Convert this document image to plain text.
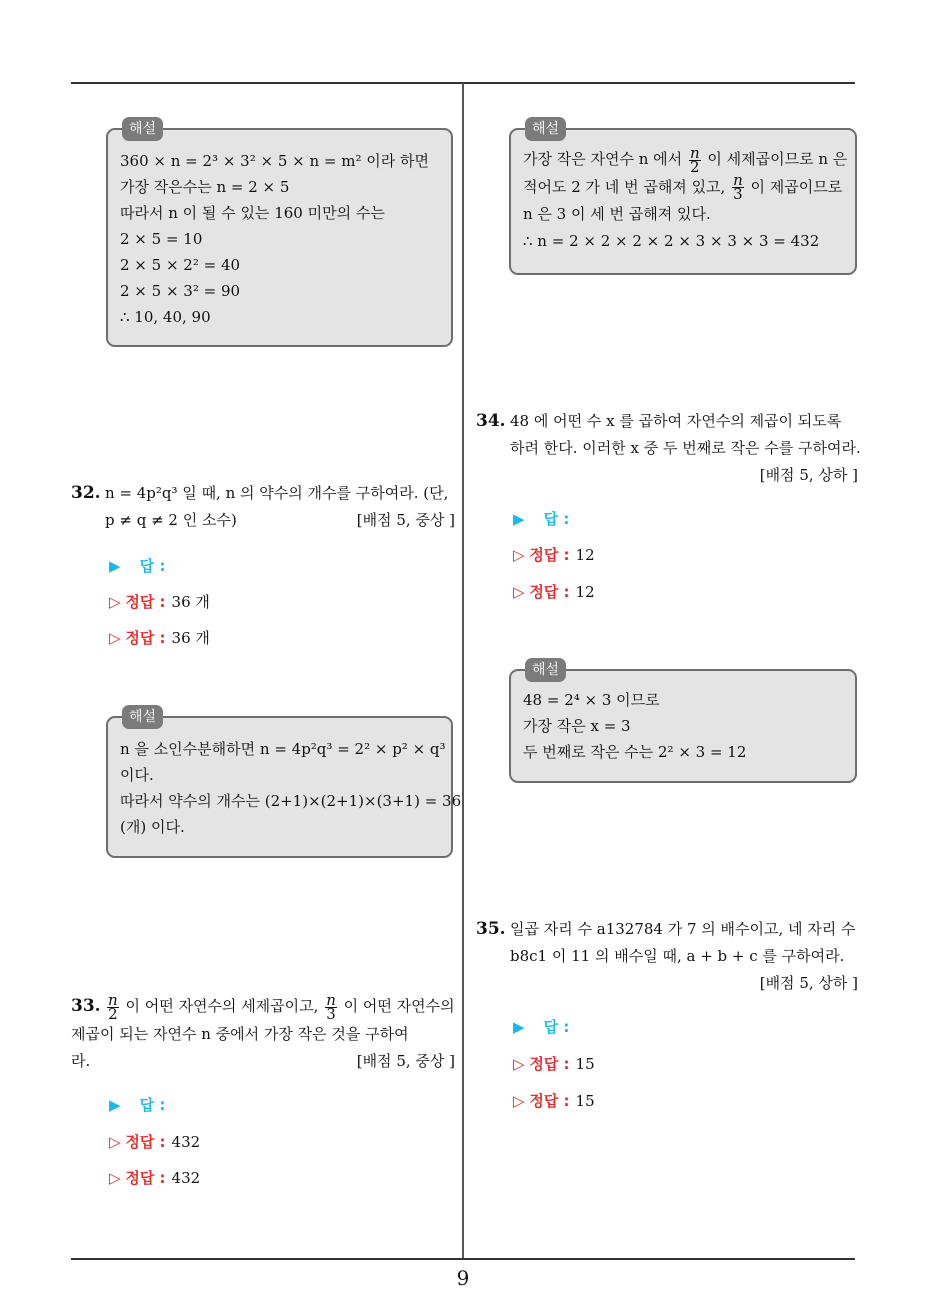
해설
360 × n = 2³ × 3² × 5 × n = m² 이라 하면
가장 작은수는 n = 2 × 5
따라서 n 이 될 수 있는 160 미만의 수는
2 × 5 = 10
2 × 5 × 2² = 40
2 × 5 × 3² = 90
∴ 10, 40, 90
32. n = 4p²q³ 일 때, n 의 약수의 개수를 구하여라. (단,
p ≠ q ≠ 2 인 소수)	[배점 5, 중상 ]
▶ 답 :
▷ 정답 : 36 개
▷ 정답 : 36 개
해설
n 을 소인수분해하면 n = 4p²q³ = 2² × p² × q³
이다.
따라서 약수의 개수는 (2+1)×(2+1)×(3+1) = 36
(개) 이다.
33. $\frac{n}{2}$ 이 어떤 자연수의 세제곱이고, $\frac{n}{3}$ 이 어떤 자연수의
제곱이 되는 자연수 n 중에서 가장 작은 것을 구하여
라.	[배점 5, 중상 ]
▶ 답 :
▷ 정답 : 432
▷ 정답 : 432
해설
가장 작은 자연수 n 에서 $\frac{n}{2}$ 이 세제곱이므로 n 은
적어도 2 가 네 번 곱해져 있고, $\frac{n}{3}$ 이 제곱이므로
n 은 3 이 세 번 곱해져 있다.
∴ n = 2 × 2 × 2 × 2 × 3 × 3 × 3 = 432
34. 48 에 어떤 수 x 를 곱하여 자연수의 제곱이 되도록
하려 한다. 이러한 x 중 두 번째로 작은 수를 구하여라.
[배점 5, 상하 ]
▶ 답 :
▷ 정답 : 12
▷ 정답 : 12
해설
48 = 2⁴ × 3 이므로
가장 작은 x = 3
두 번째로 작은 수는 2² × 3 = 12
35. 일곱 자리 수 a132784 가 7 의 배수이고, 네 자리 수
b8c1 이 11 의 배수일 때, a + b + c 를 구하여라.
[배점 5, 상하 ]
▶ 답 :
▷ 정답 : 15
▷ 정답 : 15
9
